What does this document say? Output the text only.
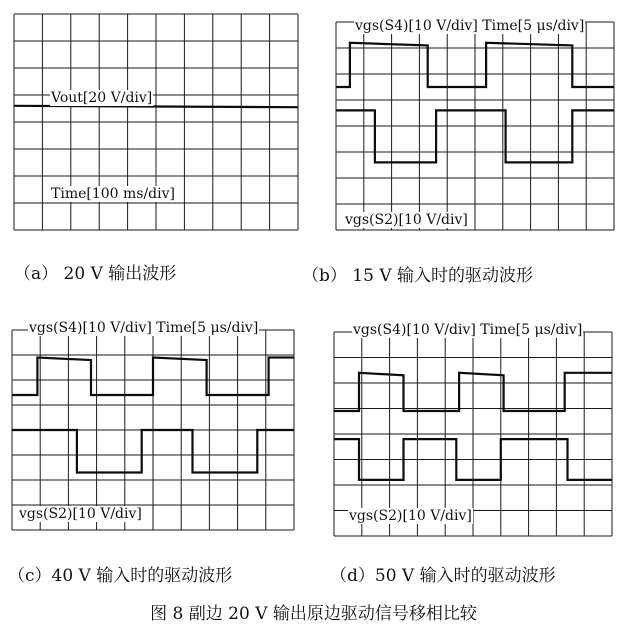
Vout[20 V/div]
Time[100 ms/div]
（a） 20 V 输出波形
vgs(S4)[10 V/div] Time[5 μs/div]
vgs(S2)[10 V/div]
（b） 15 V 输入时的驱动波形
vgs(S4)[10 V/div] Time[5 μs/div]
vgs(S2)[10 V/div]
（c）40 V 输入时的驱动波形
vgs(S4)[10 V/div] Time[5 μs/div]
vgs(S2)[10 V/div]
（d）50 V 输入时的驱动波形
图 8 副边 20 V 输出原边驱动信号移相比较
